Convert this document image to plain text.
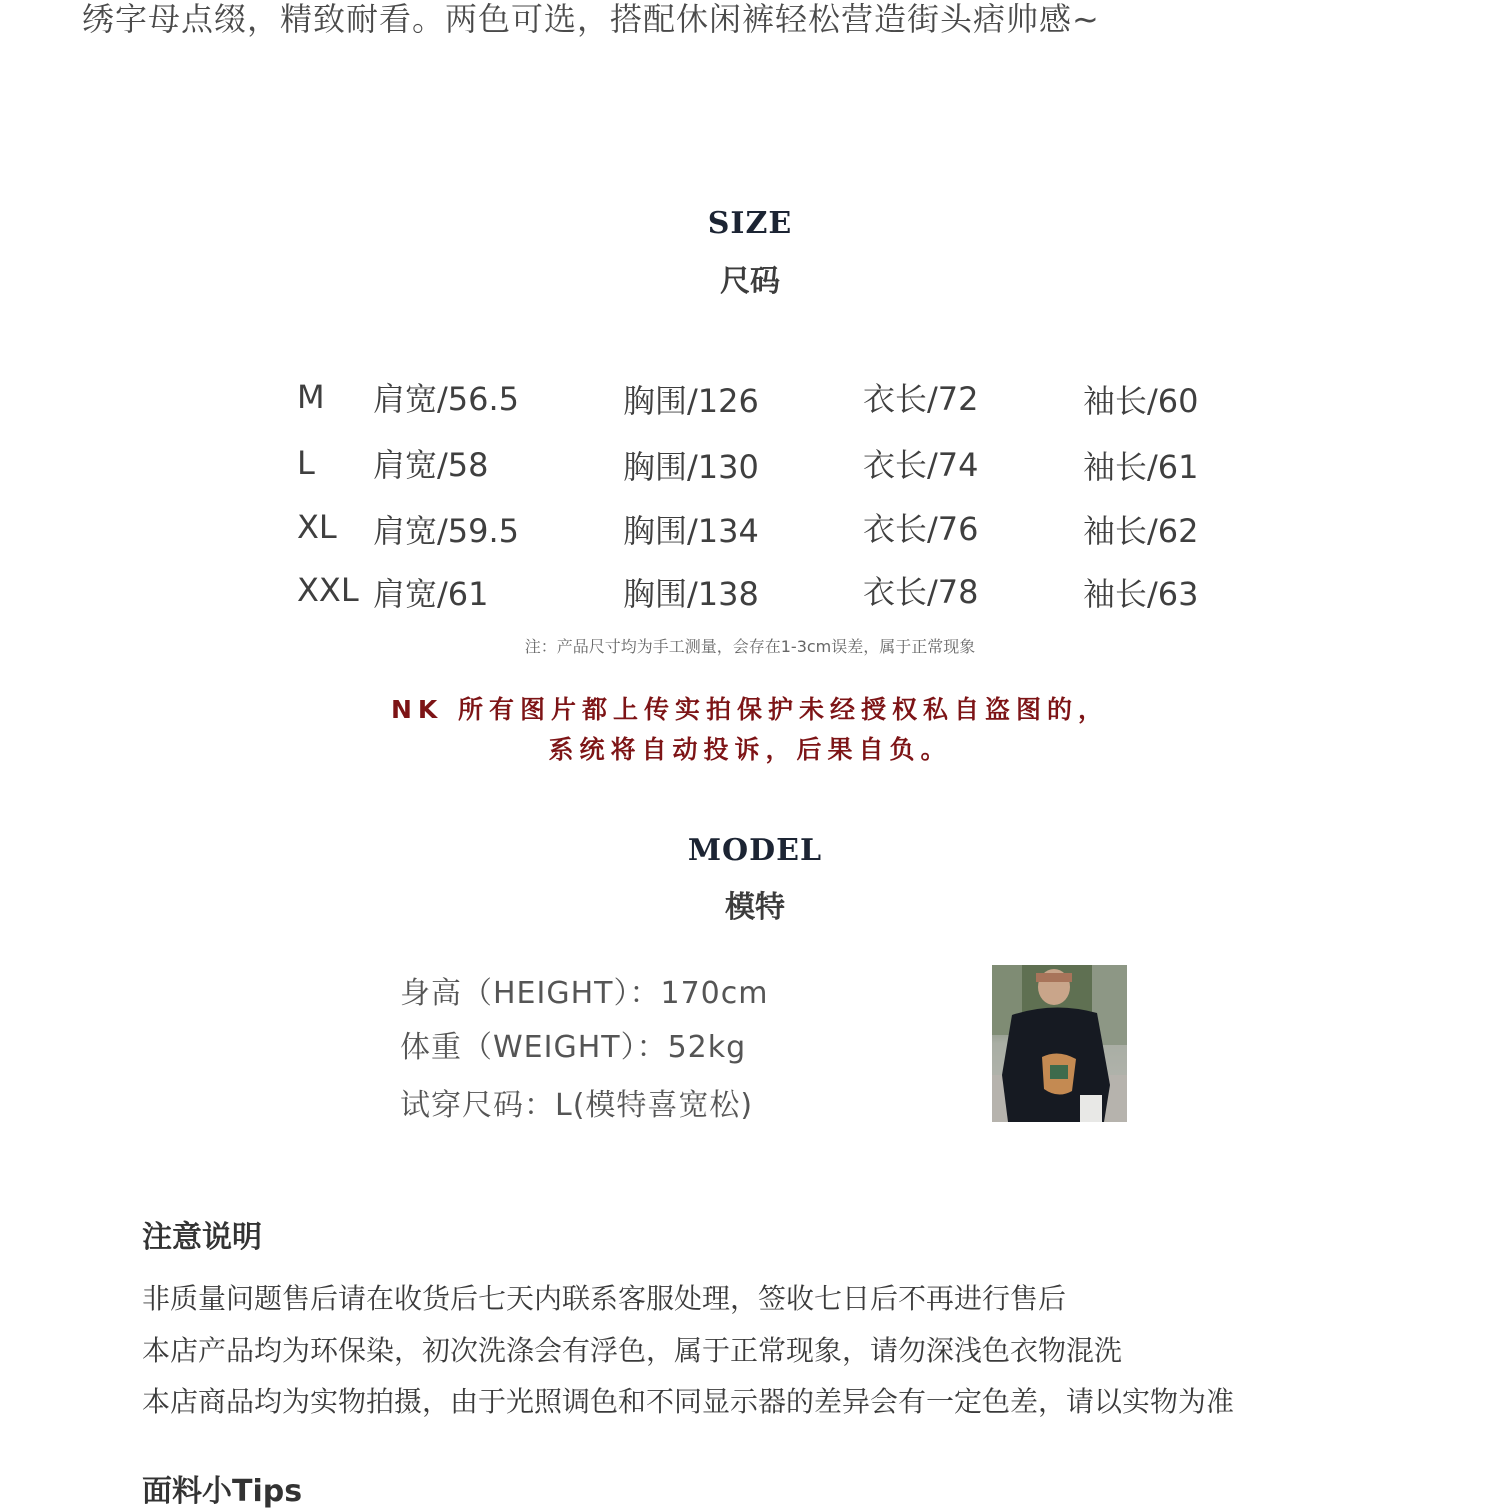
绣字母点缀，精致耐看。两色可选，搭配休闲裤轻松营造街头痞帅感~
SIZE
尺码
M 肩宽/56.5	胸围/126	衣长/72	袖长/60
L 肩宽/58	胸围/130	衣长/74	袖长/61
XL 肩宽/59.5	胸围/134	衣长/76	袖长/62
XXL 肩宽/61	胸围/138	衣长/78	袖长/63
注：产品尺寸均为手工测量，会存在1-3cm误差，属于正常现象
NK 所有图片都上传实拍保护未经授权私自盗图的，
系统将自动投诉，后果自负。
MODEL
模特
身高（HEIGHT）：170cm
体重（WEIGHT）：52kg
试穿尺码：L(模特喜宽松)
注意说明
非质量问题售后请在收货后七天内联系客服处理，签收七日后不再进行售后
本店产品均为环保染，初次洗涤会有浮色，属于正常现象，请勿深浅色衣物混洗
本店商品均为实物拍摄，由于光照调色和不同显示器的差异会有一定色差，请以实物为准
面料小Tips
